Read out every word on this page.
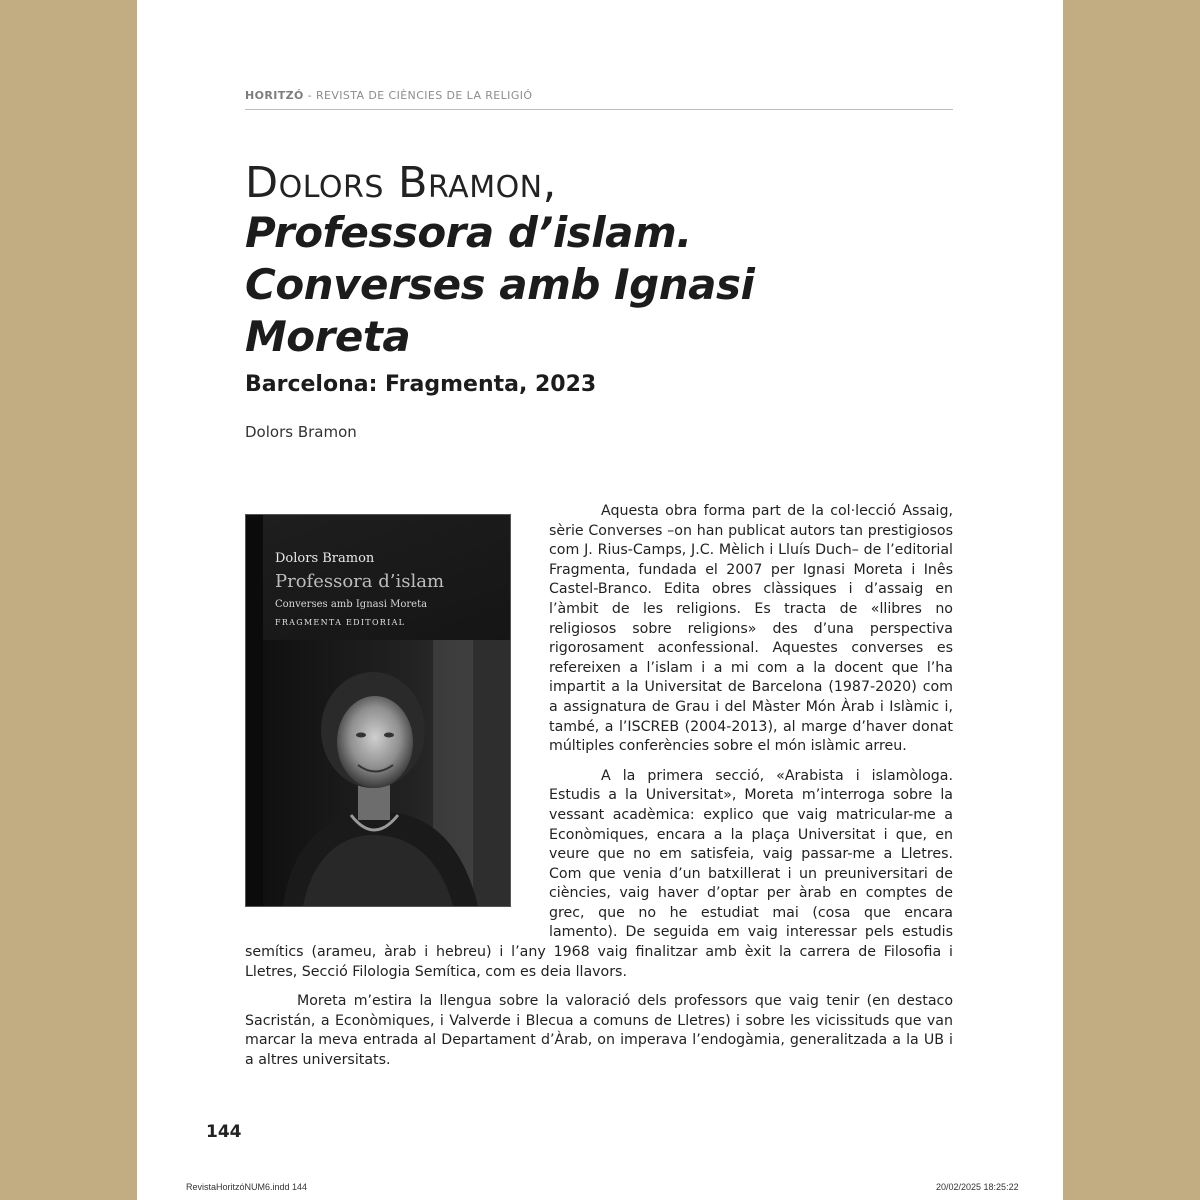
HORITZÓ - REVISTA DE CIÈNCIES DE LA RELIGIÓ
Dolors Bramon,
Professora d’islam. Converses amb Ignasi Moreta
Barcelona: Fragmenta, 2023
Dolors Bramon
Dolors Bramon
Professora d’islam
Converses amb Ignasi Moreta
FRAGMENTA EDITORIAL

Aquesta obra forma part de la col·lecció Assaig, sèrie Converses –on han publicat autors tan prestigiosos com J. Rius-Camps, J.C. Mèlich i Lluís Duch– de l’editorial Fragmenta, fundada el 2007 per Ignasi Moreta i Inês Castel-Branco. Edita obres clàssiques i d’assaig en l’àmbit de les religions. Es tracta de «llibres no religiosos sobre religions» des d’una perspectiva rigorosament aconfessional. Aquestes converses es refereixen a l’islam i a mi com a la docent que l’ha impartit a la Universitat de Barcelona (1987-2020) com a assignatura de Grau i del Màster Món Àrab i Islàmic i, també, a l’ISCREB (2004-2013), al marge d’haver donat múltiples conferències sobre el món islàmic arreu.

A la primera secció, «Arabista i islamòloga. Estudis a la Universitat», Moreta m’interroga sobre la vessant acadèmica: explico que vaig matricular-me a Econòmiques, encara a la plaça Universitat i que, en veure que no em satisfeia, vaig passar-me a Lletres. Com que venia d’un batxillerat i un preuniversitari de ciències, vaig haver d’optar per àrab en comptes de grec, que no he estudiat mai (cosa que encara lamento). De seguida em vaig interessar pels estudis semítics (arameu, àrab i hebreu) i l’any 1968 vaig finalitzar amb èxit la carrera de Filosofia i Lletres, Secció Filologia Semítica, com es deia llavors.

Moreta m’estira la llengua sobre la valoració dels professors que vaig tenir (en destaco Sacristán, a Econòmiques, i Valverde i Blecua a comuns de Lletres) i sobre les vicissituds que van marcar la meva entrada al Departament d’Àrab, on imperava l’endogàmia, generalitzada a la UB i a altres universitats.

144
RevistaHoritzóNUM6.indd 144	20/02/2025 18:25:22
